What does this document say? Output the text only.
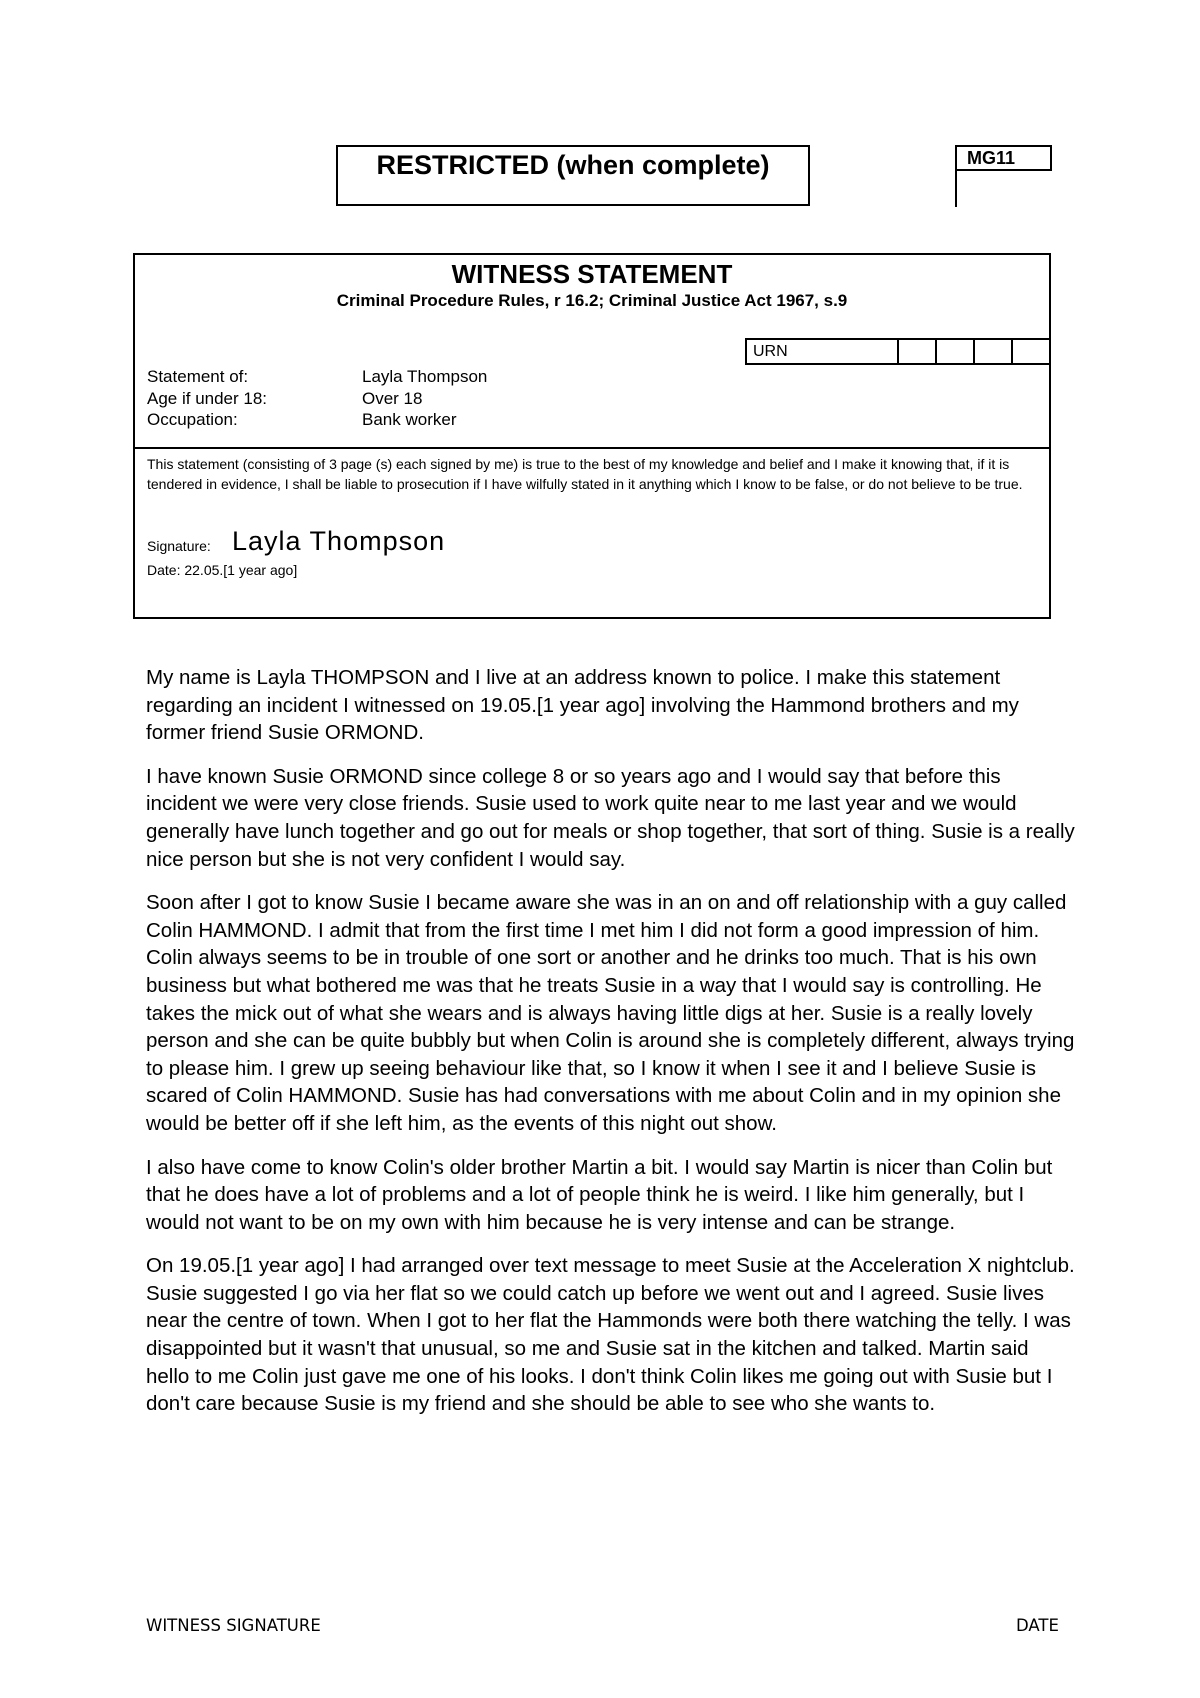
RESTRICTED (when complete)	MG11
WITNESS STATEMENT
Criminal Procedure Rules, r 16.2; Criminal Justice Act 1967, s.9
URN
Statement of:	Layla Thompson
Age if under 18:	Over 18
Occupation:	Bank worker
This statement (consisting of 3 page (s) each signed by me) is true to the best of my knowledge and belief and I make it knowing that, if it is tendered in evidence, I shall be liable to prosecution if I have wilfully stated in it anything which I know to be false, or do not believe to be true.
Signature: Layla Thompson
Date: 22.05.[1 year ago]

My name is Layla THOMPSON and I live at an address known to police. I make this statement regarding an incident I witnessed on 19.05.[1 year ago] involving the Hammond brothers and my former friend Susie ORMOND.

I have known Susie ORMOND since college 8 or so years ago and I would say that before this incident we were very close friends. Susie used to work quite near to me last year and we would generally have lunch together and go out for meals or shop together, that sort of thing. Susie is a really nice person but she is not very confident I would say.

Soon after I got to know Susie I became aware she was in an on and off relationship with a guy called Colin HAMMOND. I admit that from the first time I met him I did not form a good impression of him. Colin always seems to be in trouble of one sort or another and he drinks too much. That is his own business but what bothered me was that he treats Susie in a way that I would say is controlling. He takes the mick out of what she wears and is always having little digs at her. Susie is a really lovely person and she can be quite bubbly but when Colin is around she is completely different, always trying to please him. I grew up seeing behaviour like that, so I know it when I see it and I believe Susie is scared of Colin HAMMOND. Susie has had conversations with me about Colin and in my opinion she would be better off if she left him, as the events of this night out show.

I also have come to know Colin's older brother Martin a bit. I would say Martin is nicer than Colin but that he does have a lot of problems and a lot of people think he is weird. I like him generally, but I would not want to be on my own with him because he is very intense and can be strange.

On 19.05.[1 year ago] I had arranged over text message to meet Susie at the Acceleration X nightclub. Susie suggested I go via her flat so we could catch up before we went out and I agreed. Susie lives near the centre of town. When I got to her flat the Hammonds were both there watching the telly. I was disappointed but it wasn't that unusual, so me and Susie sat in the kitchen and talked. Martin said hello to me Colin just gave me one of his looks. I don't think Colin likes me going out with Susie but I don't care because Susie is my friend and she should be able to see who she wants to.

WITNESS SIGNATURE	DATE
